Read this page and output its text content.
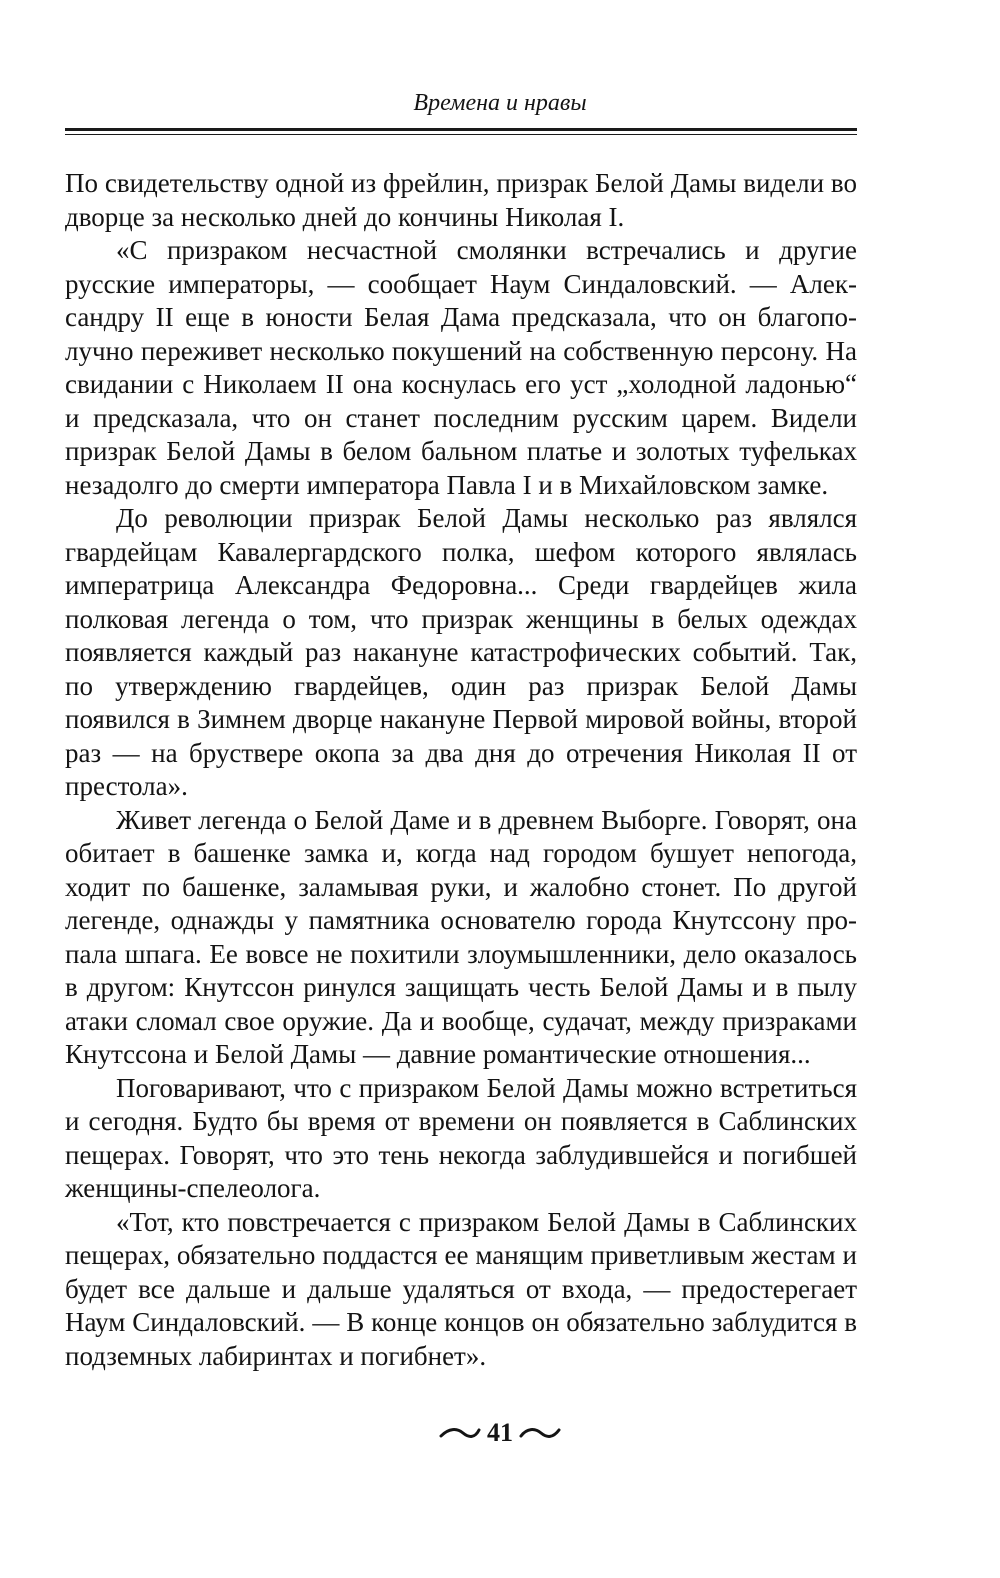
Времена и нравы

По свидетельству одной из фрейлин, призрак Белой Дамы видели во дворце за несколько дней до кончины Николая I.

«С призраком несчастной смолянки встречались и другие русские императоры, — сообщает Наум Синдаловский. — Александру II еще в юности Белая Дама предсказала, что он благополучно переживет несколько покушений на собственную персону. На свидании с Николаем II она коснулась его уст „холодной ладонью“ и предсказала, что он станет последним русским царем. Видели призрак Белой Дамы в белом бальном платье и золотых туфельках незадолго до смерти императора Павла I и в Михайловском замке.

До революции призрак Белой Дамы несколько раз являлся гвардейцам Кавалергардского полка, шефом которого являлась императрица Александра Федоровна... Среди гвардейцев жила полковая легенда о том, что призрак женщины в белых одеждах появляется каждый раз накануне катастрофических событий. Так, по утверждению гвардейцев, один раз призрак Белой Дамы появился в Зимнем дворце накануне Первой мировой войны, второй раз — на бруствере окопа за два дня до отречения Николая II от престола».

Живет легенда о Белой Даме и в древнем Выборге. Говорят, она обитает в башенке замка и, когда над городом бушует непогода, ходит по башенке, заламывая руки, и жалобно стонет. По другой легенде, однажды у памятника основателю города Кнутссону пропала шпага. Ее вовсе не похитили злоумышленники, дело оказалось в другом: Кнутссон ринулся защищать честь Белой Дамы и в пылу атаки сломал свое оружие. Да и вообще, судачат, между призраками Кнутссона и Белой Дамы — давние романтические отношения...

Поговаривают, что с призраком Белой Дамы можно встретиться и сегодня. Будто бы время от времени он появляется в Саблинских пещерах. Говорят, что это тень некогда заблудившейся и погибшей женщины-спелеолога.

«Тот, кто повстречается с призраком Белой Дамы в Саблинских пещерах, обязательно поддастся ее манящим приветливым жестам и будет все дальше и дальше удаляться от входа, — предостерегает Наум Синдаловский. — В конце концов он обязательно заблудится в подземных лабиринтах и погибнет».

41
